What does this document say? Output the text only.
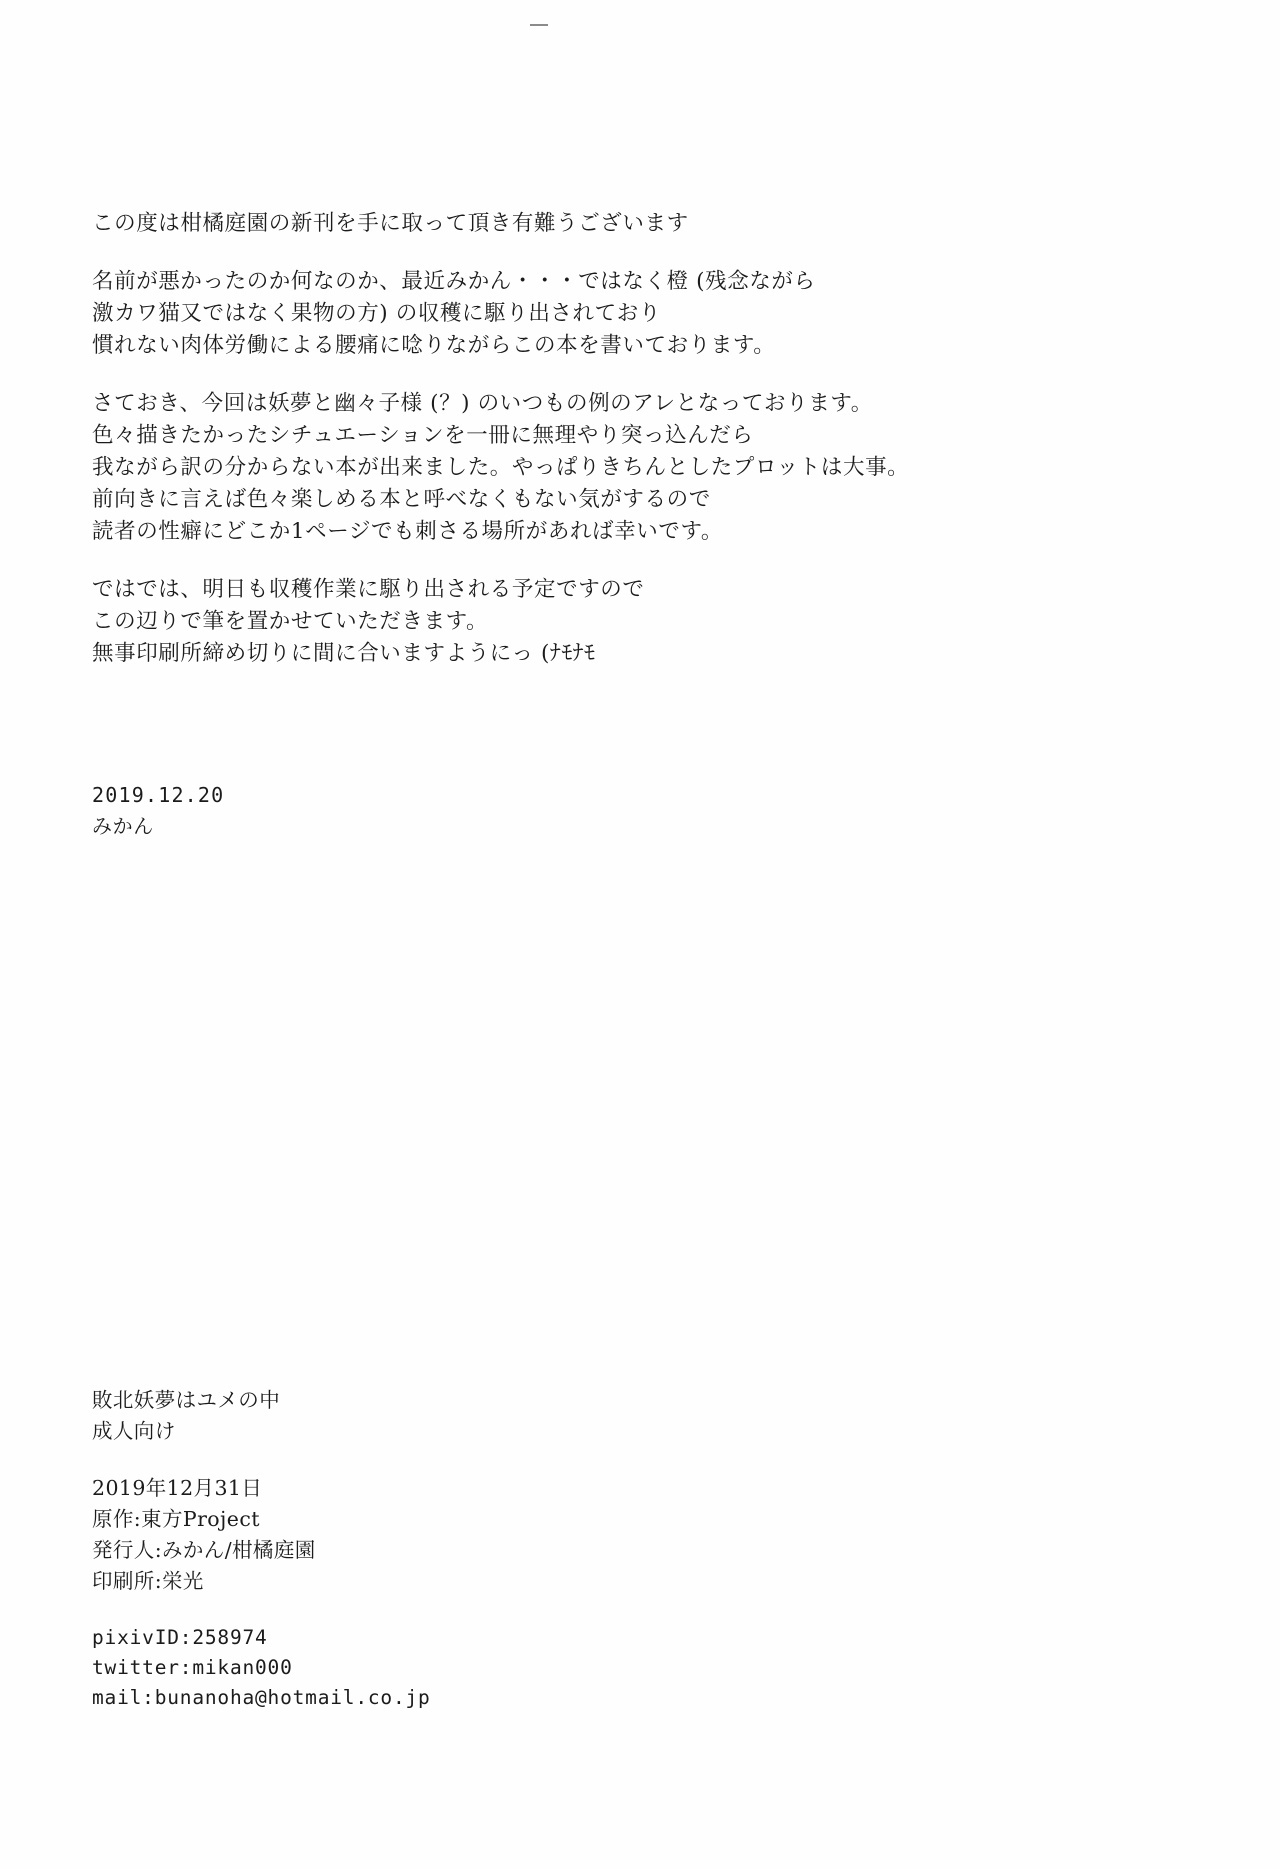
この度は柑橘庭園の新刊を手に取って頂き有難うございます
名前が悪かったのか何なのか、最近みかん・・・ではなく橙 (残念ながら
激カワ猫又ではなく果物の方) の収穫に駆り出されており
慣れない肉体労働による腰痛に唸りながらこの本を書いております。
さておき、今回は妖夢と幽々子様 (？) のいつもの例のアレとなっております。
色々描きたかったシチュエーションを一冊に無理やり突っ込んだら
我ながら訳の分からない本が出来ました。やっぱりきちんとしたプロットは大事。
前向きに言えば色々楽しめる本と呼べなくもない気がするので
読者の性癖にどこか1ページでも刺さる場所があれば幸いです。
ではでは、明日も収穫作業に駆り出される予定ですので
この辺りで筆を置かせていただきます。
無事印刷所締め切りに間に合いますようにっ (ﾅﾓﾅﾓ
2019.12.20
みかん
敗北妖夢はユメの中
成人向け
2019年12月31日
原作:東方Project
発行人:みかん/柑橘庭園
印刷所:栄光
pixivID:258974
twitter:mikan000
mail:bunanoha@hotmail.co.jp
